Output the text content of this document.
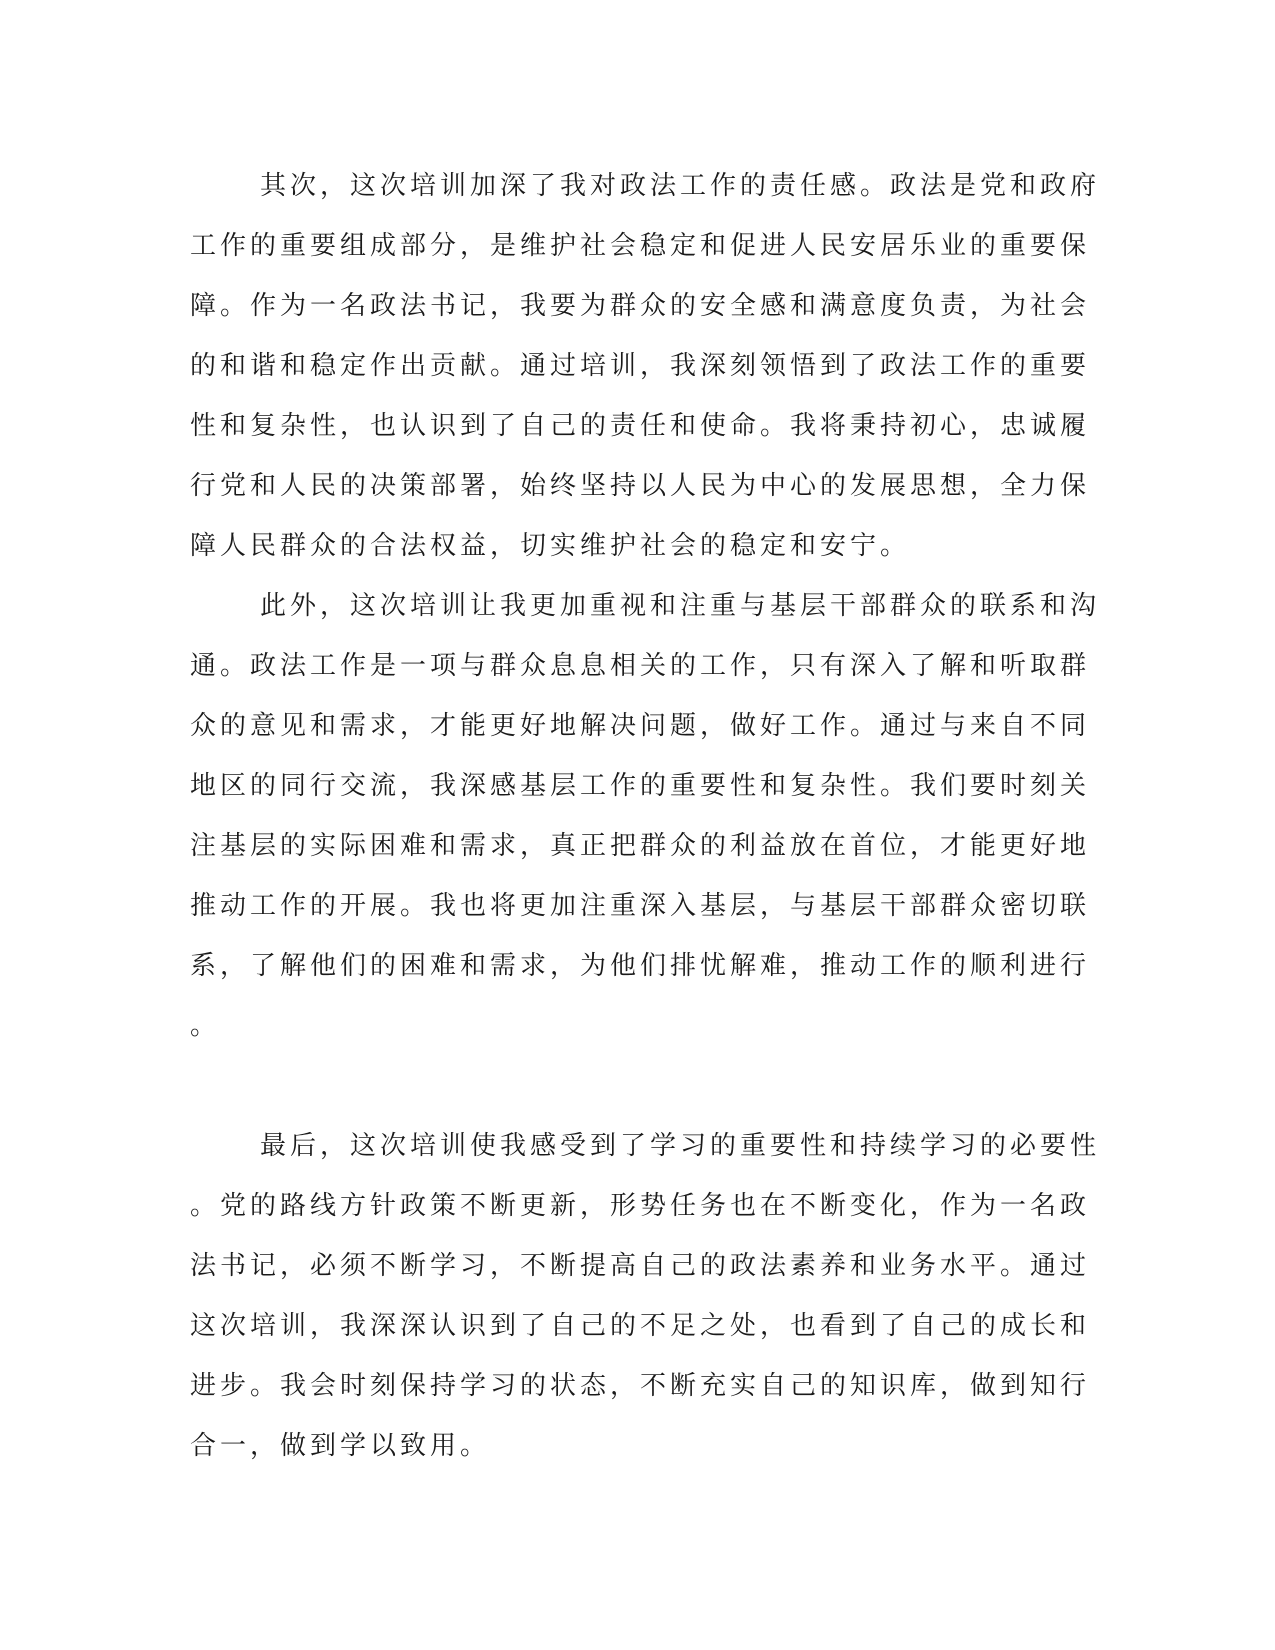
其次，这次培训加深了我对政法工作的责任感。政法是党和政府
工作的重要组成部分，是维护社会稳定和促进人民安居乐业的重要保
障。作为一名政法书记，我要为群众的安全感和满意度负责，为社会
的和谐和稳定作出贡献。通过培训，我深刻领悟到了政法工作的重要
性和复杂性，也认识到了自己的责任和使命。我将秉持初心，忠诚履
行党和人民的决策部署，始终坚持以人民为中心的发展思想，全力保
障人民群众的合法权益，切实维护社会的稳定和安宁。
此外，这次培训让我更加重视和注重与基层干部群众的联系和沟
通。政法工作是一项与群众息息相关的工作，只有深入了解和听取群
众的意见和需求，才能更好地解决问题，做好工作。通过与来自不同
地区的同行交流，我深感基层工作的重要性和复杂性。我们要时刻关
注基层的实际困难和需求，真正把群众的利益放在首位，才能更好地
推动工作的开展。我也将更加注重深入基层，与基层干部群众密切联
系，了解他们的困难和需求，为他们排忧解难，推动工作的顺利进行
。
最后，这次培训使我感受到了学习的重要性和持续学习的必要性
。党的路线方针政策不断更新，形势任务也在不断变化，作为一名政
法书记，必须不断学习，不断提高自己的政法素养和业务水平。通过
这次培训，我深深认识到了自己的不足之处，也看到了自己的成长和
进步。我会时刻保持学习的状态，不断充实自己的知识库，做到知行
合一，做到学以致用。
